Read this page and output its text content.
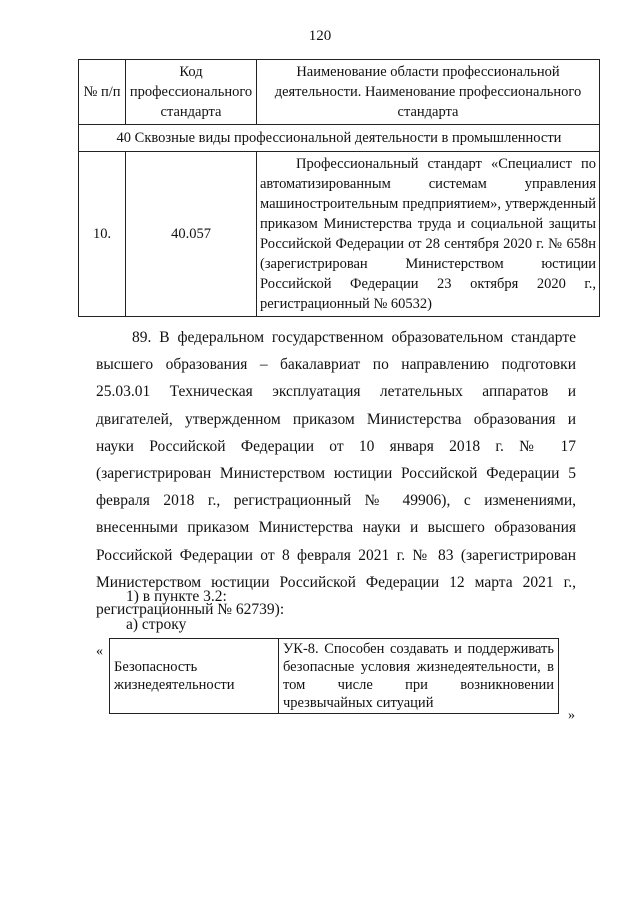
120
№ п/п	Код профессионального стандарта	Наименование области профессиональной деятельности. Наименование профессионального стандарта
40 Сквозные виды профессиональной деятельности в промышленности		
10.	40.057	Профессиональный стандарт «Специалист по автоматизированным системам управления машиностроительным предприятием», утвержденный приказом Министерства труда и социальной защиты Российской Федерации от 28 сентября 2020 г. № 658н (зарегистрирован Министерством юстиции Российской Федерации 23 октября 2020 г., регистрационный № 60532)

89. В федеральном государственном образовательном стандарте высшего образования – бакалавриат по направлению подготовки 25.03.01 Техническая эксплуатация летательных аппаратов и двигателей, утвержденном приказом Министерства образования и науки Российской Федерации от 10 января 2018 г. № 17 (зарегистрирован Министерством юстиции Российской Федерации 5 февраля 2018 г., регистрационный № 49906), с изменениями, внесенными приказом Министерства науки и высшего образования Российской Федерации от 8 февраля 2021 г. № 83 (зарегистрирован Министерством юстиции Российской Федерации 12 марта 2021 г., регистрационный № 62739):

1) в пункте 3.2:
а) строку
«
Безопасность жизнедеятельности	УК-8. Способен создавать и поддерживать безопасные условия жизнедеятельности, в том числе при возникновении чрезвычайных ситуаций
»
